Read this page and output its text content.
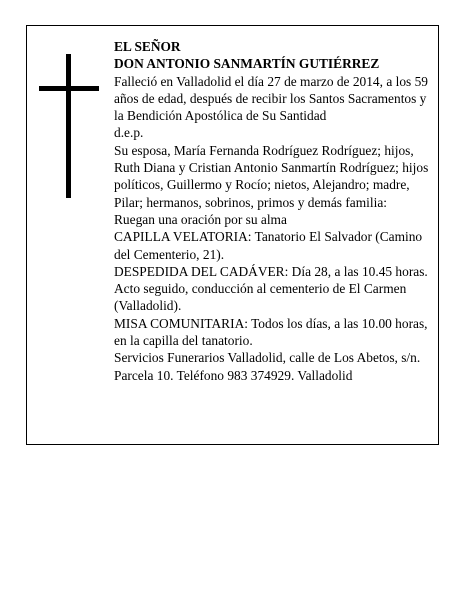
EL SEÑOR

DON ANTONIO SANMARTÍN GUTIÉRREZ

Falleció en Valladolid el día 27 de marzo de 2014, a los 59 años de edad, después de recibir los Santos Sacramentos y la Bendición Apostólica de Su Santidad

d.e.p.

Su esposa, María Fernanda Rodríguez Rodríguez; hijos, Ruth Diana y Cristian Antonio Sanmartín Rodríguez; hijos políticos, Guillermo y Rocío; nietos, Alejandro; madre, Pilar; hermanos, sobrinos, primos y demás familia:

Ruegan una oración por su alma

CAPILLA VELATORIA: Tanatorio El Salvador (Camino del Cementerio, 21).

DESPEDIDA DEL CADÁVER: Día 28, a las 10.45 horas. Acto seguido, conducción al cementerio de El Carmen (Valladolid).

MISA COMUNITARIA: Todos los días, a las 10.00 horas, en la capilla del tanatorio.

Servicios Funerarios Valladolid, calle de Los Abetos, s/n. Parcela 10. Teléfono 983 374929. Valladolid
